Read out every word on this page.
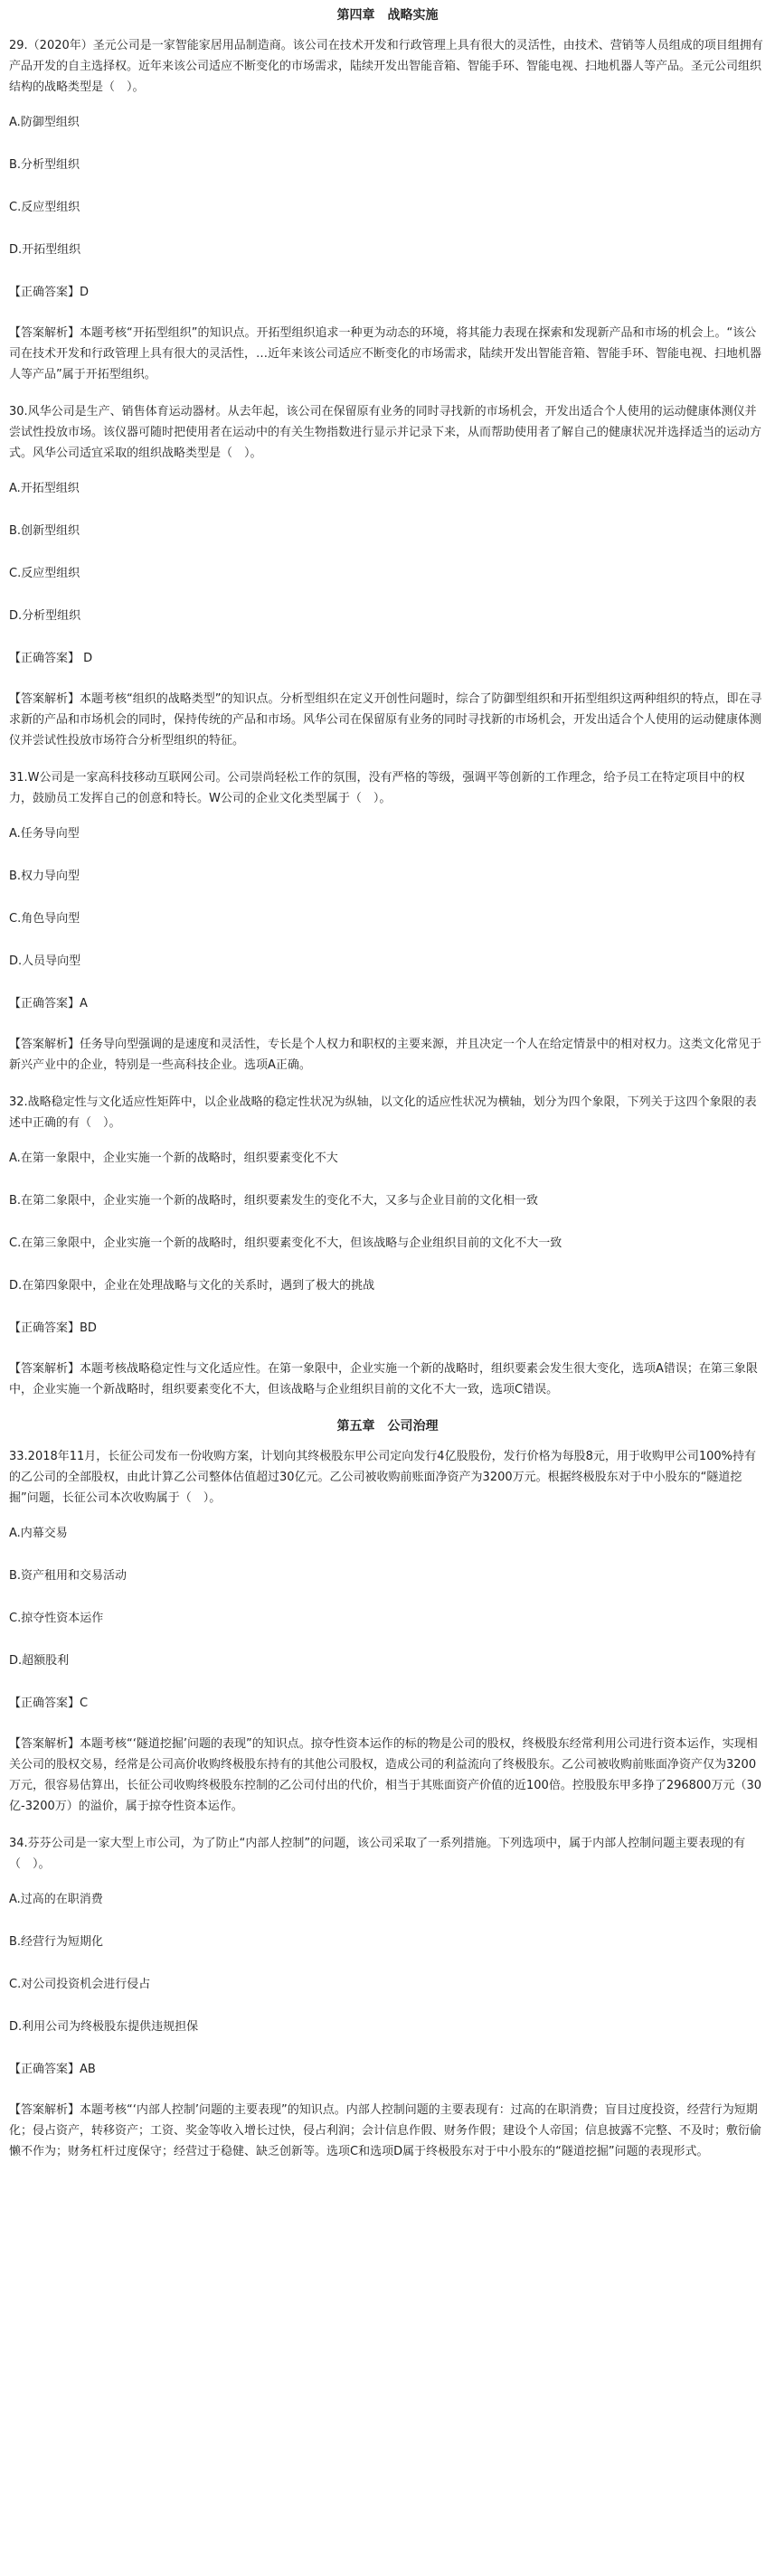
第四章　战略实施
29.（2020年）圣元公司是一家智能家居用品制造商。该公司在技术开发和行政管理上具有很大的灵活性，由技术、营销等人员组成的项目组拥有产品开发的自主选择权。近年来该公司适应不断变化的市场需求，陆续开发出智能音箱、智能手环、智能电视、扫地机器人等产品。圣元公司组织结构的战略类型是（　）。
A.防御型组织
B.分析型组织
C.反应型组织
D.开拓型组织
【正确答案】D
【答案解析】本题考核“开拓型组织”的知识点。开拓型组织追求一种更为动态的环境，将其能力表现在探索和发现新产品和市场的机会上。“该公司在技术开发和行政管理上具有很大的灵活性，…近年来该公司适应不断变化的市场需求，陆续开发出智能音箱、智能手环、智能电视、扫地机器人等产品”属于开拓型组织。
30.风华公司是生产、销售体育运动器材。从去年起，该公司在保留原有业务的同时寻找新的市场机会，开发出适合个人使用的运动健康体测仪并尝试性投放市场。该仪器可随时把使用者在运动中的有关生物指数进行显示并记录下来，从而帮助使用者了解自己的健康状况并选择适当的运动方式。风华公司适宜采取的组织战略类型是（　）。
A.开拓型组织
B.创新型组织
C.反应型组织
D.分析型组织
【正确答案】 D
【答案解析】本题考核“组织的战略类型”的知识点。分析型组织在定义开创性问题时，综合了防御型组织和开拓型组织这两种组织的特点，即在寻求新的产品和市场机会的同时，保持传统的产品和市场。风华公司在保留原有业务的同时寻找新的市场机会，开发出适合个人使用的运动健康体测仪并尝试性投放市场符合分析型组织的特征。
31.W公司是一家高科技移动互联网公司。公司崇尚轻松工作的氛围，没有严格的等级，强调平等创新的工作理念，给予员工在特定项目中的权力，鼓励员工发挥自己的创意和特长。W公司的企业文化类型属于（　）。
A.任务导向型
B.权力导向型
C.角色导向型
D.人员导向型
【正确答案】A
【答案解析】任务导向型强调的是速度和灵活性，专长是个人权力和职权的主要来源，并且决定一个人在给定情景中的相对权力。这类文化常见于新兴产业中的企业，特别是一些高科技企业。选项A正确。
32.战略稳定性与文化适应性矩阵中，以企业战略的稳定性状况为纵轴，以文化的适应性状况为横轴，划分为四个象限，下列关于这四个象限的表述中正确的有（　）。
A.在第一象限中，企业实施一个新的战略时，组织要素变化不大
B.在第二象限中，企业实施一个新的战略时，组织要素发生的变化不大，又多与企业目前的文化相一致
C.在第三象限中，企业实施一个新的战略时，组织要素变化不大，但该战略与企业组织目前的文化不大一致
D.在第四象限中，企业在处理战略与文化的关系时，遇到了极大的挑战
【正确答案】BD
【答案解析】本题考核战略稳定性与文化适应性。在第一象限中，企业实施一个新的战略时，组织要素会发生很大变化，选项A错误；在第三象限中，企业实施一个新战略时，组织要素变化不大，但该战略与企业组织目前的文化不大一致，选项C错误。
第五章　公司治理
33.2018年11月，长征公司发布一份收购方案，计划向其终极股东甲公司定向发行4亿股股份，发行价格为每股8元，用于收购甲公司100%持有的乙公司的全部股权，由此计算乙公司整体估值超过30亿元。乙公司被收购前账面净资产为3200万元。根据终极股东对于中小股东的“隧道挖掘”问题，长征公司本次收购属于（　）。
A.内幕交易
B.资产租用和交易活动
C.掠夺性资本运作
D.超额股利
【正确答案】C
【答案解析】本题考核“‘隧道挖掘’问题的表现”的知识点。掠夺性资本运作的标的物是公司的股权，终极股东经常利用公司进行资本运作，实现相关公司的股权交易，经常是公司高价收购终极股东持有的其他公司股权，造成公司的利益流向了终极股东。乙公司被收购前账面净资产仅为3200万元，很容易估算出，长征公司收购终极股东控制的乙公司付出的代价，相当于其账面资产价值的近100倍。控股股东甲多挣了296800万元（30亿-3200万）的溢价，属于掠夺性资本运作。
34.芬芬公司是一家大型上市公司，为了防止“内部人控制”的问题，该公司采取了一系列措施。下列选项中，属于内部人控制问题主要表现的有（　）。
A.过高的在职消费
B.经营行为短期化
C.对公司投资机会进行侵占
D.利用公司为终极股东提供违规担保
【正确答案】AB
【答案解析】本题考核“‘内部人控制’问题的主要表现”的知识点。内部人控制问题的主要表现有：过高的在职消费；盲目过度投资，经营行为短期化；侵占资产，转移资产；工资、奖金等收入增长过快，侵占利润；会计信息作假、财务作假；建设个人帝国；信息披露不完整、不及时；敷衍偷懒不作为；财务杠杆过度保守；经营过于稳健、缺乏创新等。选项C和选项D属于终极股东对于中小股东的“隧道挖掘”问题的表现形式。
